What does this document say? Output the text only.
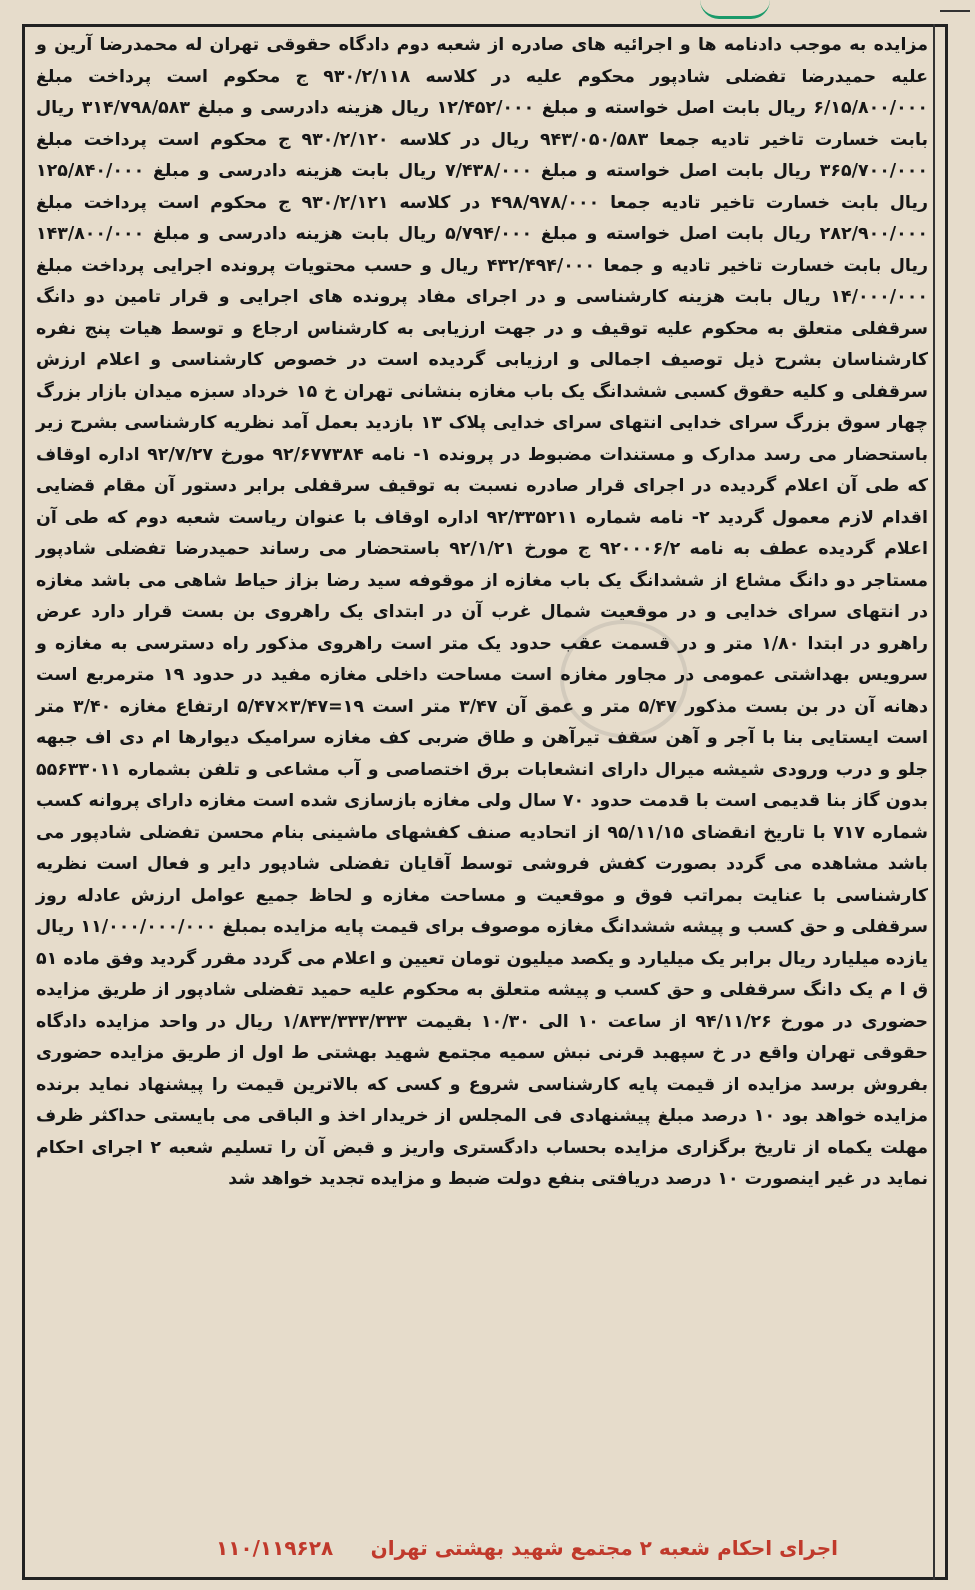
مزایده به موجب دادنامه ها و اجرائیه های صادره از شعبه دوم دادگاه حقوقی تهران له محمدرضا آرین و علیه حمیدرضا تفضلی شادپور محکوم علیه در کلاسه ۹۳۰/۲/۱۱۸ ج محکوم است پرداخت مبلغ ۶/۱۵/۸۰۰/۰۰۰ ریال بابت اصل خواسته و مبلغ ۱۲/۴۵۲/۰۰۰ ریال هزینه دادرسی و مبلغ ۳۱۴/۷۹۸/۵۸۳ ریال بابت خسارت تاخیر تادیه جمعا ۹۴۳/۰۵۰/۵۸۳ ریال در کلاسه ۹۳۰/۲/۱۲۰ ج محکوم است پرداخت مبلغ ۳۶۵/۷۰۰/۰۰۰ ریال بابت اصل خواسته و مبلغ ۷/۴۳۸/۰۰۰ ریال بابت هزینه دادرسی و مبلغ ۱۲۵/۸۴۰/۰۰۰ ریال بابت خسارت تاخیر تادیه جمعا ۴۹۸/۹۷۸/۰۰۰ در کلاسه ۹۳۰/۲/۱۲۱ ج محکوم است پرداخت مبلغ ۲۸۲/۹۰۰/۰۰۰ ریال بابت اصل خواسته و مبلغ ۵/۷۹۴/۰۰۰ ریال بابت هزینه دادرسی و مبلغ ۱۴۳/۸۰۰/۰۰۰ ریال بابت خسارت تاخیر تادیه و جمعا ۴۳۲/۴۹۴/۰۰۰ ریال و حسب محتویات پرونده اجرایی پرداخت مبلغ ۱۴/۰۰۰/۰۰۰ ریال بابت هزینه کارشناسی و در اجرای مفاد پرونده های اجرایی و قرار تامین دو دانگ سرقفلی متعلق به محکوم علیه توقیف و در جهت ارزیابی به کارشناس ارجاع و توسط هیات پنج نفره کارشناسان بشرح ذیل توصیف اجمالی و ارزیابی گردیده است در خصوص کارشناسی و اعلام ارزش سرقفلی و کلیه حقوق کسبی ششدانگ یک باب مغازه بنشانی تهران خ ۱۵ خرداد سبزه میدان بازار بزرگ چهار سوق بزرگ سرای خدایی انتهای سرای خدایی پلاک ۱۳ بازدید بعمل آمد نظریه کارشناسی بشرح زیر باستحضار می رسد مدارک و مستندات مضبوط در پرونده ۱- نامه ۹۲/۶۷۷۳۸۴ مورخ ۹۲/۷/۲۷ اداره اوقاف که طی آن اعلام گردیده در اجرای قرار صادره نسبت به توقیف سرقفلی برابر دستور آن مقام قضایی اقدام لازم معمول گردید ۲- نامه شماره ۹۲/۳۳۵۲۱۱ اداره اوقاف با عنوان ریاست شعبه دوم که طی آن اعلام گردیده عطف به نامه ۹۲۰۰۰۶/۲ ج مورخ ۹۲/۱/۲۱ باستحضار می رساند حمیدرضا تفضلی شادپور مستاجر دو دانگ مشاع از ششدانگ یک باب مغازه از موقوفه سید رضا بزاز حیاط شاهی می باشد مغازه در انتهای سرای خدایی و در موقعیت شمال غرب آن در ابتدای یک راهروی بن بست قرار دارد عرض راهرو در ابتدا ۱/۸۰ متر و در قسمت عقب حدود یک متر است راهروی مذکور راه دسترسی به مغازه و سرویس بهداشتی عمومی در مجاور مغازه است مساحت داخلی مغازه مفید در حدود ۱۹ مترمربع است دهانه آن در بن بست مذکور ۵/۴۷ متر و عمق آن ۳/۴۷ متر است ۱۹=۳/۴۷×۵/۴۷ ارتفاع مغازه ۳/۴۰ متر است ایستایی بنا با آجر و آهن سقف تیرآهن و طاق ضربی کف مغازه سرامیک دیوارها ام دی اف جبهه جلو و درب ورودی شیشه میرال دارای انشعابات برق اختصاصی و آب مشاعی و تلفن بشماره ۵۵۶۳۳۰۱۱ بدون گاز بنا قدیمی است با قدمت حدود ۷۰ سال ولی مغازه بازسازی شده است مغازه دارای پروانه کسب شماره ۷۱۷ با تاریخ انقضای ۹۵/۱۱/۱۵ از اتحادیه صنف کفشهای ماشینی بنام محسن تفضلی شادپور می باشد مشاهده می گردد بصورت کفش فروشی توسط آقایان تفضلی شادپور دایر و فعال است نظریه کارشناسی با عنایت بمراتب فوق و موقعیت و مساحت مغازه و لحاظ جمیع عوامل ارزش عادله روز سرقفلی و حق کسب و پیشه ششدانگ مغازه موصوف برای قیمت پایه مزایده بمبلغ ۱۱/۰۰۰/۰۰۰/۰۰۰ ریال یازده میلیارد ریال برابر یک میلیارد و یکصد میلیون تومان تعیین و اعلام می گردد مقرر گردید وفق ماده ۵۱ ق ا م یک دانگ سرقفلی و حق کسب و پیشه متعلق به محکوم علیه حمید تفضلی شادپور از طریق مزایده حضوری در مورخ ۹۴/۱۱/۲۶ از ساعت ۱۰ الی ۱۰/۳۰ بقیمت ۱/۸۳۳/۳۳۳/۳۳۳ ریال در واحد مزایده دادگاه حقوقی تهران واقع در خ سپهبد قرنی نبش سمیه مجتمع شهید بهشتی ط اول از طریق مزایده حضوری بفروش برسد مزایده از قیمت پایه کارشناسی شروع و کسی که بالاترین قیمت را پیشنهاد نماید برنده مزایده خواهد بود ۱۰ درصد مبلغ پیشنهادی فی المجلس از خریدار اخذ و الباقی می بایستی حداکثر ظرف مهلت یکماه از تاریخ برگزاری مزایده بحساب دادگستری واریز و قبض آن را تسلیم شعبه ۲ اجرای احکام نماید در غیر اینصورت ۱۰ درصد دریافتی بنفع دولت ضبط و مزایده تجدید خواهد شد
اجرای احکام شعبه ۲ مجتمع شهید بهشتی تهران
۱۱۰/۱۱۹۶۲۸
